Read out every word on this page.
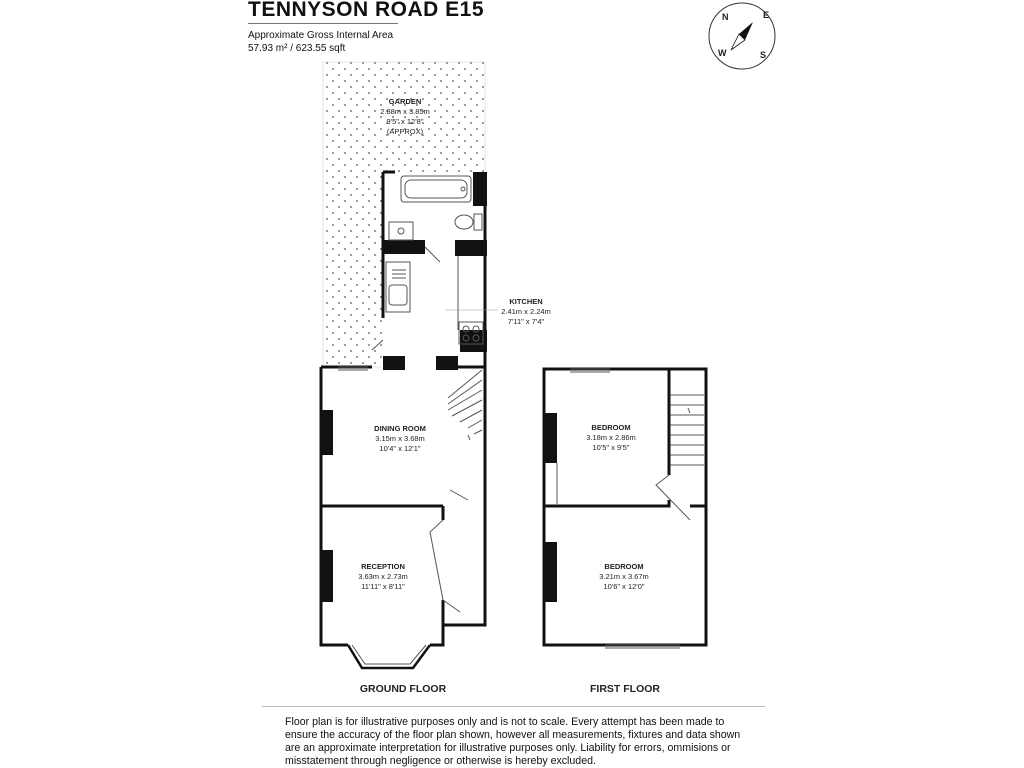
TENNYSON ROAD E15
Approximate Gross Internal Area
57.93 m² / 623.55 sqft
N	E
S
W
GARDEN
2.88m x 3.85m
9'5" x 12'8"
(APPROX)
KITCHEN
2.41m x 2.24m
7'11" x 7'4"
DINING ROOM
3.15m x 3.68m
10'4" x 12'1"
RECEPTION
3.63m x 2.73m
11'11" x 8'11"
BEDROOM
3.18m x 2.86m
10'5" x 9'5"
BEDROOM
3.21m x 3.67m
10'6" x 12'0"
GROUND FLOOR	FIRST FLOOR
Floor plan is for illustrative purposes only and is not to scale. Every attempt has been made to ensure the accuracy of the floor plan shown, however all measurements, fixtures and data shown are an approximate interpretation for illustrative purposes only. Liability for errors, ommisions or misstatement through negligence or otherwise is hereby excluded.
